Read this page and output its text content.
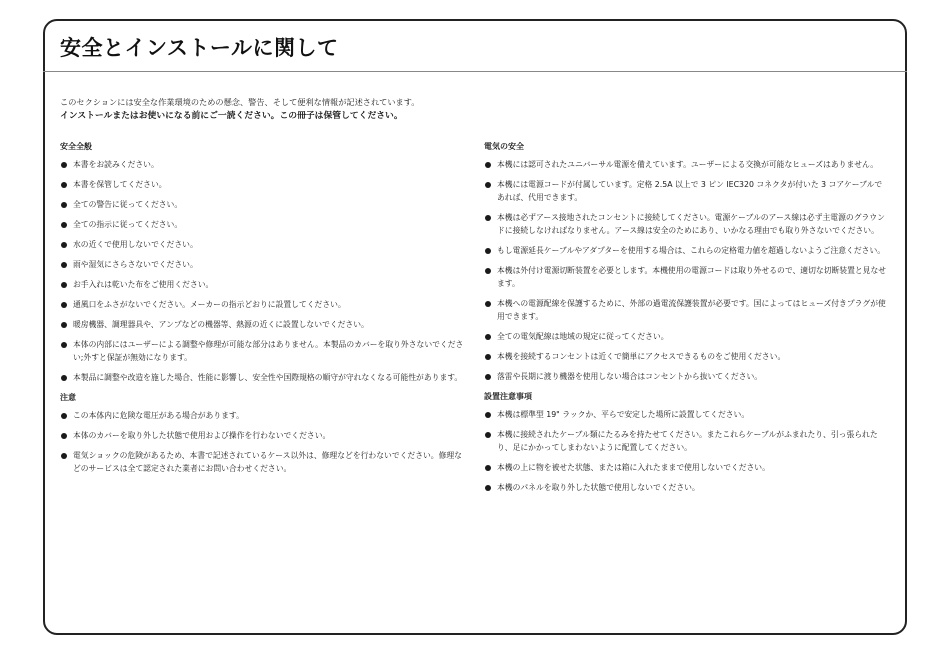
安全とインストールに関して

このセクションには安全な作業環境のための懸念、警告、そして便利な情報が記述されています。

インストールまたはお使いになる前にご一読ください。この冊子は保管してください。

安全全般
本書をお読みください。
本書を保管してください。
全ての警告に従ってください。
全ての指示に従ってください。
水の近くで使用しないでください。
雨や湿気にさらさないでください。
お手入れは乾いた布をご使用ください。
通風口をふさがないでください。メーカーの指示どおりに設置してください。
暖房機器、調理器具や、アンプなどの機器等、熱源の近くに設置しないでください。
本体の内部にはユーザーによる調整や修理が可能な部分はありません。本製品のカバーを取り外さないでください;外すと保証が無効になります。
本製品に調整や改造を施した場合、性能に影響し、安全性や国際規格の順守が守れなくなる可能性があります。
注意
この本体内に危険な電圧がある場合があります。
本体のカバーを取り外した状態で使用および操作を行わないでください。
電気ショックの危険があるため、本書で記述されているケース以外は、修理などを行わないでください。修理などのサービスは全て認定された業者にお問い合わせください。
電気の安全
本機には認可されたユニバーサル電源を備えています。ユーザーによる交換が可能なヒューズはありません。
本機には電源コードが付属しています。定格 2.5A 以上で 3 ピン IEC320 コネクタが付いた 3 コアケーブルであれば、代用できます。
本機は必ずアース接地されたコンセントに接続してください。電源ケーブルのアース線は必ず主電源のグラウンドに接続しなければなりません。アース線は安全のためにあり、いかなる理由でも取り外さないでください。
もし電源延長ケーブルやアダプターを使用する場合は、これらの定格電力値を超過しないようご注意ください。
本機は外付け電源切断装置を必要とします。本機使用の電源コードは取り外せるので、適切な切断装置と見なせます。
本機への電源配線を保護するために、外部の過電流保護装置が必要です。国によってはヒューズ付きプラグが使用できます。
全ての電気配線は地域の規定に従ってください。
本機を接続するコンセントは近くで簡単にアクセスできるものをご使用ください。
落雷や長期に渡り機器を使用しない場合はコンセントから抜いてください。
設置注意事項
本機は標準型 19" ラックか、平らで安定した場所に設置してください。
本機に接続されたケーブル類にたるみを持たせてください。またこれらケーブルがふまれたり、引っ張られたり、足にかかってしまわないように配置してください。
本機の上に物を被せた状態、または箱に入れたままで使用しないでください。
本機のパネルを取り外した状態で使用しないでください。
